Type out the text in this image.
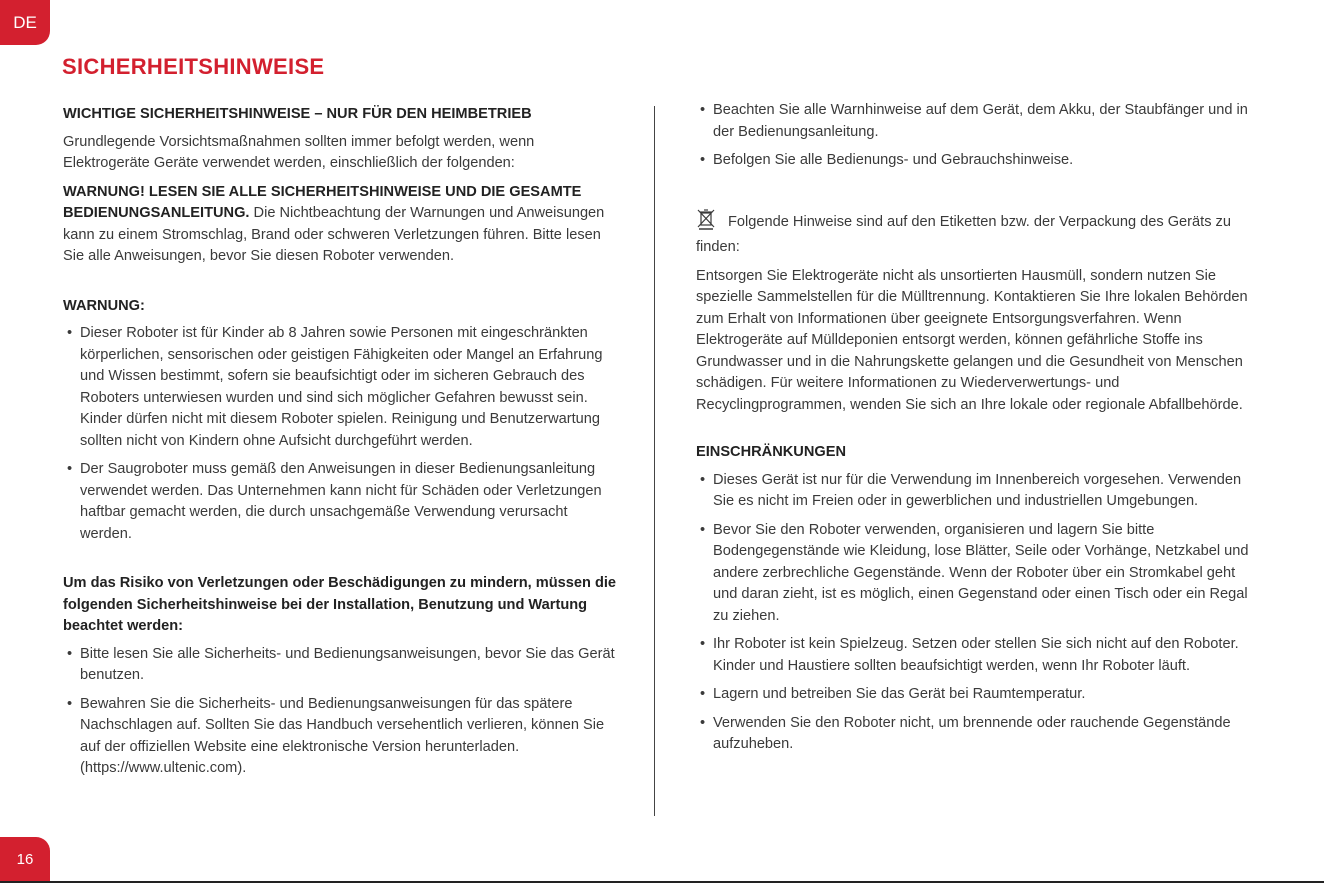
DE
SICHERHEITSHINWEISE

WICHTIGE SICHERHEITSHINWEISE – NUR FÜR DEN HEIMBETRIEB

Grundlegende Vorsichtsmaßnahmen sollten immer befolgt werden, wenn Elektrogeräte Geräte verwendet werden, einschließlich der folgenden:

WARNUNG! LESEN SIE ALLE SICHERHEITSHINWEISE UND DIE GESAMTE BEDIENUNGSANLEITUNG. Die Nichtbeachtung der Warnungen und Anweisungen kann zu einem Stromschlag, Brand oder schweren Verletzungen führen. Bitte lesen Sie alle Anweisungen, bevor Sie diesen Roboter verwenden.

WARNUNG:

• Dieser Roboter ist für Kinder ab 8 Jahren sowie Personen mit eingeschränkten körperlichen, sensorischen oder geistigen Fähigkeiten oder Mangel an Erfahrung und Wissen bestimmt, sofern sie beaufsichtigt oder im sicheren Gebrauch des Roboters unterwiesen wurden und sind sich möglicher Gefahren bewusst sein. Kinder dürfen nicht mit diesem Roboter spielen. Reinigung und Benutzerwartung sollten nicht von Kindern ohne Aufsicht durchgeführt werden.
• Der Saugroboter muss gemäß den Anweisungen in dieser Bedienungsanleitung verwendet werden. Das Unternehmen kann nicht für Schäden oder Verletzungen haftbar gemacht werden, die durch unsachgemäße Verwendung verursacht werden.

Um das Risiko von Verletzungen oder Beschädigungen zu mindern, müssen die folgenden Sicherheitshinweise bei der Installation, Benutzung und Wartung beachtet werden:

• Bitte lesen Sie alle Sicherheits- und Bedienungsanweisungen, bevor Sie das Gerät benutzen.
• Bewahren Sie die Sicherheits- und Bedienungsanweisungen für das spätere Nachschlagen auf. Sollten Sie das Handbuch versehentlich verlieren, können Sie auf der offiziellen Website eine elektronische Version herunterladen. (https://www.ultenic.com).
• Beachten Sie alle Warnhinweise auf dem Gerät, dem Akku, der Staubfänger und in der Bedienungsanleitung.
• Befolgen Sie alle Bedienungs- und Gebrauchshinweise.

Folgende Hinweise sind auf den Etiketten bzw. der Verpackung des Geräts zu finden:

Entsorgen Sie Elektrogeräte nicht als unsortierten Hausmüll, sondern nutzen Sie spezielle Sammelstellen für die Mülltrennung. Kontaktieren Sie Ihre lokalen Behörden zum Erhalt von Informationen über geeignete Entsorgungsverfahren. Wenn Elektrogeräte auf Mülldeponien entsorgt werden, können gefährliche Stoffe ins Grundwasser und in die Nahrungskette gelangen und die Gesundheit von Menschen schädigen. Für weitere Informationen zu Wiederverwertungs- und Recyclingprogrammen, wenden Sie sich an Ihre lokale oder regionale Abfallbehörde.

EINSCHRÄNKUNGEN

• Dieses Gerät ist nur für die Verwendung im Innenbereich vorgesehen. Verwenden Sie es nicht im Freien oder in gewerblichen und industriellen Umgebungen.
• Bevor Sie den Roboter verwenden, organisieren und lagern Sie bitte Bodengegenstände wie Kleidung, lose Blätter, Seile oder Vorhänge, Netzkabel und andere zerbrechliche Gegenstände. Wenn der Roboter über ein Stromkabel geht und daran zieht, ist es möglich, einen Gegenstand oder einen Tisch oder ein Regal zu ziehen.
• Ihr Roboter ist kein Spielzeug. Setzen oder stellen Sie sich nicht auf den Roboter. Kinder und Haustiere sollten beaufsichtigt werden, wenn Ihr Roboter läuft.
• Lagern und betreiben Sie das Gerät bei Raumtemperatur.
• Verwenden Sie den Roboter nicht, um brennende oder rauchende Gegenstände aufzuheben.
16
